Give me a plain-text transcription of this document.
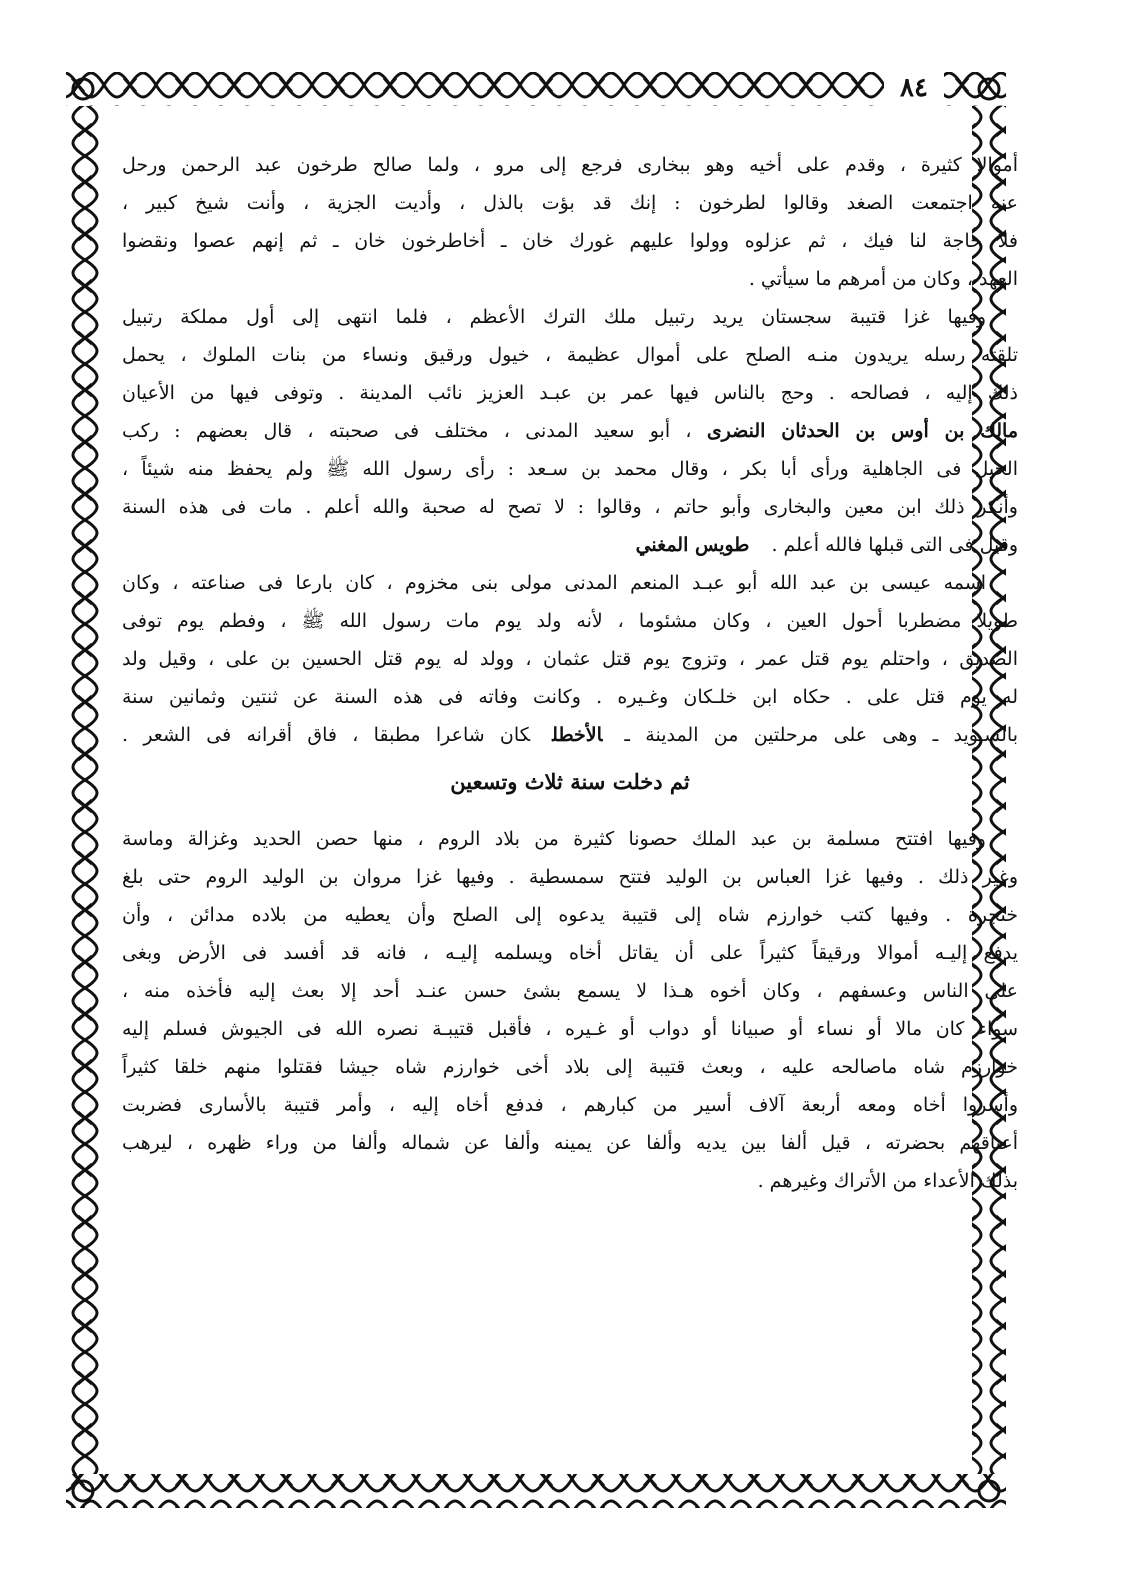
٨٤
أموالا كثيرة ، وقدم على أخيه وهو ببخارى فرجع إلى مرو ، ولما صالح طرخون عبد الرحمن ورحل
عنه اجتمعت الصغد وقالوا لطرخون : إنك قد بؤت بالذل ، وأديت الجزية ، وأنت شيخ كبير ،
فلا حاجة لنا فيك ، ثم عزلوه وولوا عليهم غورك خان ـ أخاطرخون خان ـ ثم إنهم عصوا ونقضوا
العهد ، وكان من أمرهم ما سيأتي .
وفيها غزا قتيبة سجستان يريد رتبيل ملك الترك الأعظم ، فلما انتهى إلى أول مملكة رتبيل
تلقته رسله يريدون منـه الصلح على أموال عظيمة ، خيول ورقيق ونساء من بنات الملوك ، يحمل
ذلك إليه ، فصالحه . وحج بالناس فيها عمر بن عبـد العزيز نائب المدينة . وتوفى فيها من الأعيان
مالك بن أوس بن الحدثان النضرى ، أبو سعيد المدنى ، مختلف فى صحبته ، قال بعضهم : ركب
الخيل فى الجاهلية ورأى أبا بكر ، وقال محمد بن سـعد : رأى رسول الله ﷺ ولم يحفظ منه شيئاً ،
وأنكر ذلك ابن معين والبخارى وأبو حاتم ، وقالوا : لا تصح له صحبة والله أعلم . مات فى هذه السنة
وقيل فى التى قبلها فالله أعلم .طويس المغني
اسمه عيسى بن عبد الله أبو عبـد المنعم المدنى مولى بنى مخزوم ، كان بارعا فى صناعته ، وكان
طويلا مضطربا أحول العين ، وكان مشئوما ، لأنه ولد يوم مات رسول الله ﷺ ، وفطم يوم توفى
الصديق ، واحتلم يوم قتل عمر ، وتزوج يوم قتل عثمان ، وولد له يوم قتل الحسين بن على ، وقيل ولد
له يوم قتل على . حكاه ابن خلـكان وغـيره . وكانت وفاته فى هذه السنة عن ثنتين وثمانين سنة
بالسـويد ـ وهى على مرحلتين من المدينة ـالأخطلكان شاعرا مطبقا ، فاق أقرانه فى الشعر .
ثم دخلت سنة ثلاث وتسعين
وفيها افتتح مسلمة بن عبد الملك حصونا كثيرة من بلاد الروم ، منها حصن الحديد وغزالة وماسة
وغير ذلك . وفيها غزا العباس بن الوليد فتتح سمسطية . وفيها غزا مروان بن الوليد الروم حتى بلغ
خنجرة . وفيها كتب خوارزم شاه إلى قتيبة يدعوه إلى الصلح وأن يعطيه من بلاده مدائن ، وأن
يدفع إليـه أموالا ورقيقاً كثيراً على أن يقاتل أخاه ويسلمه إليـه ، فانه قد أفسد فى الأرض وبغى
على الناس وعسفهم ، وكان أخوه هـذا لا يسمع بشئ حسن عنـد أحد إلا بعث إليه فأخذه منه ،
سواء كان مالا أو نساء أو صبيانا أو دواب أو غـيره ، فأقبل قتيبـة نصره الله فى الجيوش فسلم إليه
خوارزم شاه ماصالحه عليه ، وبعث قتيبة إلى بلاد أخى خوارزم شاه جيشا فقتلوا منهم خلقا كثيراً
وأسروا أخاه ومعه أربعة آلاف أسير من كبارهم ، فدفع أخاه إليه ، وأمر قتيبة بالأسارى فضربت
أعناقهم بحضرته ، قيل ألفا بين يديه وألفا عن يمينه وألفا عن شماله وألفا من وراء ظهره ، ليرهب
بذلك الأعداء من الأتراك وغيرهم .
